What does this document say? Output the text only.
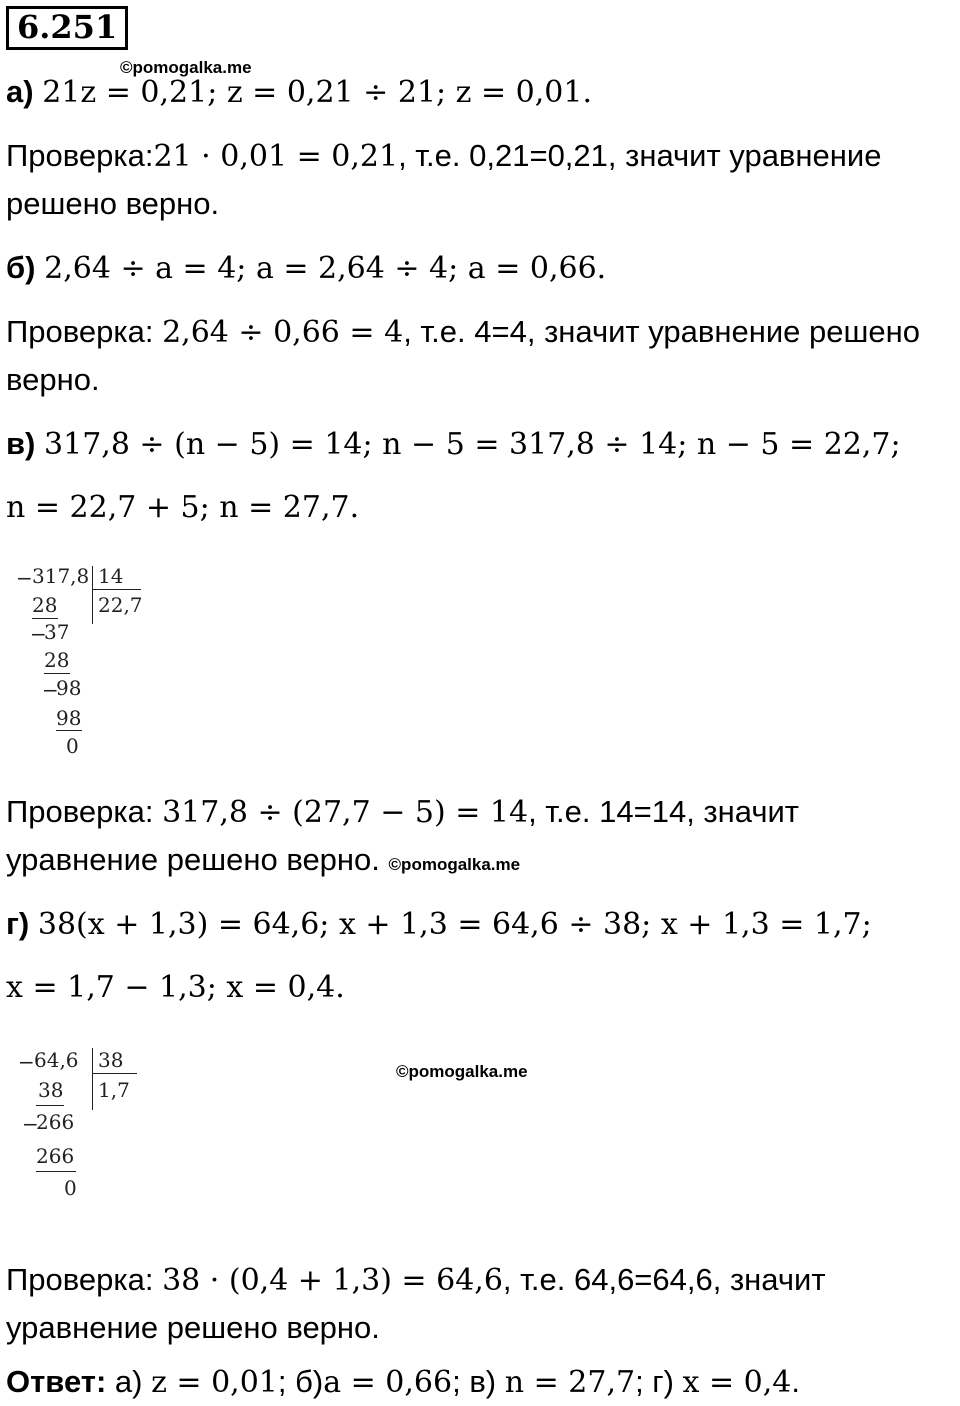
6.251
©pomogalka.me
а) 21z = 0,21; z = 0,21 ÷ 21; z = 0,01.
Проверка:21 · 0,01 = 0,21, т.е. 0,21=0,21, значит уравнение
решено верно.
б) 2,64 ÷ a = 4; a = 2,64 ÷ 4; a = 0,66.
Проверка: 2,64 ÷ 0,66 = 4, т.е. 4=4, значит уравнение решено
верно.
в) 317,8 ÷ (n − 5) = 14; n − 5 = 317,8 ÷ 14; n − 5 = 22,7;
n = 22,7 + 5; n = 27,7.
− 317,8 14
22,7
28
−
37
28
−
98
98
0
Проверка: 317,8 ÷ (27,7 − 5) = 14, т.е. 14=14, значит
уравнение решено верно. ©pomogalka.me
г) 38(x + 1,3) = 64,6; x + 1,3 = 64,6 ÷ 38; x + 1,3 = 1,7;
x = 1,7 − 1,3; x = 0,4.
− 64,6 38
1,7
38
−
266
266
0
©pomogalka.me
Проверка: 38 · (0,4 + 1,3) = 64,6, т.е. 64,6=64,6, значит
уравнение решено верно.
Ответ: а) z = 0,01; б)a = 0,66; в) n = 27,7; г) x = 0,4.
